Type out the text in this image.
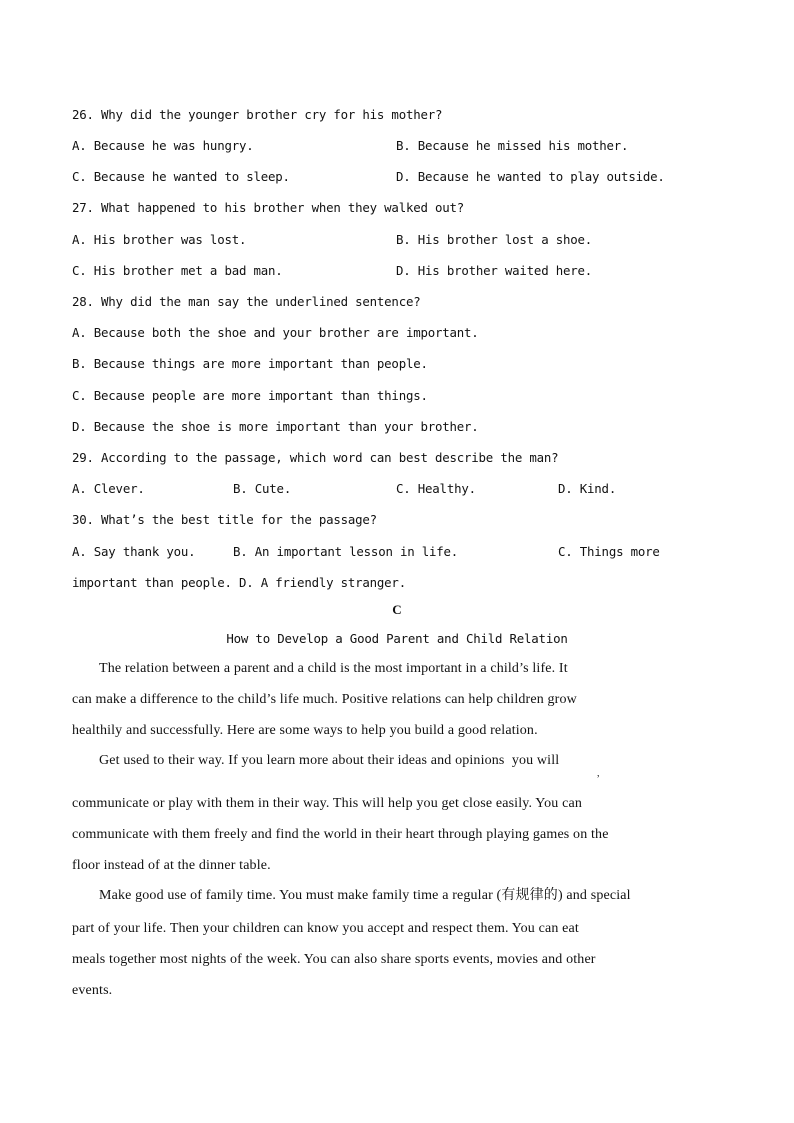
26. Why did the younger brother cry for his mother?
A. Because he was hungry.	B. Because he missed his mother.
C. Because he wanted to sleep.	D. Because he wanted to play outside.
27. What happened to his brother when they walked out?
A. His brother was lost.	B. His brother lost a shoe.
C. His brother met a bad man.	D. His brother waited here.
28. Why did the man say the underlined sentence?
A. Because both the shoe and your brother are important.
B. Because things are more important than people.
C. Because people are more important than things.
D. Because the shoe is more important than your brother.
29. According to the passage, which word can best describe the man?
A. Clever.	B. Cute.	C. Healthy.	D. Kind.
30. What’s the best title for the passage?
A. Say thank you.	B. An important lesson in life.	C. Things more
important than people. D. A friendly stranger.
C
How to Develop a Good Parent and Child Relation
The relation between a parent and a child is the most important in a child’s life. It
can make a difference to the child’s life much. Positive relations can help children grow
healthily and successfully. Here are some ways to help you build a good relation.
Get used to their way. If you learn more about their ideas and opinions  you will
,
communicate or play with them in their way. This will help you get close easily. You can
communicate with them freely and find the world in their heart through playing games on the
floor instead of at the dinner table.
Make good use of family time. You must make family time a regular (有规律的) and special
part of your life. Then your children can know you accept and respect them. You can eat
meals together most nights of the week. You can also share sports events, movies and other
events.
